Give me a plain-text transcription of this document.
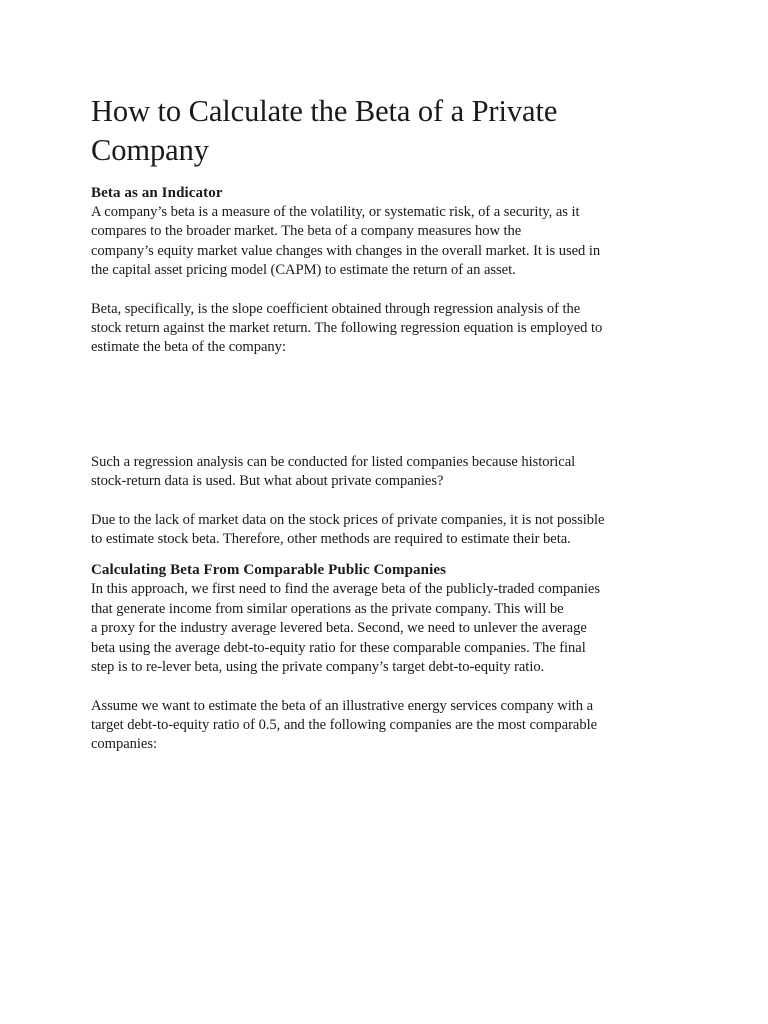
How to Calculate the Beta of a Private
Company
Beta as an Indicator

A company’s beta is a measure of the volatility, or systematic risk, of a security, as it
compares to the broader market. The beta of a company measures how the
company’s equity market value changes with changes in the overall market. It is used in
the capital asset pricing model (CAPM) to estimate the return of an asset.

Beta, specifically, is the slope coefficient obtained through regression analysis of the
stock return against the market return. The following regression equation is employed to
estimate the beta of the company:

Such a regression analysis can be conducted for listed companies because historical
stock-return data is used. But what about private companies?

Due to the lack of market data on the stock prices of private companies, it is not possible
to estimate stock beta. Therefore, other methods are required to estimate their beta.

Calculating Beta From Comparable Public Companies

In this approach, we first need to find the average beta of the publicly-traded companies
that generate income from similar operations as the private company. This will be
a proxy for the industry average levered beta. Second, we need to unlever the average
beta using the average debt-to-equity ratio for these comparable companies. The final
step is to re-lever beta, using the private company’s target debt-to-equity ratio.

Assume we want to estimate the beta of an illustrative energy services company with a
target debt-to-equity ratio of 0.5, and the following companies are the most comparable
companies:
